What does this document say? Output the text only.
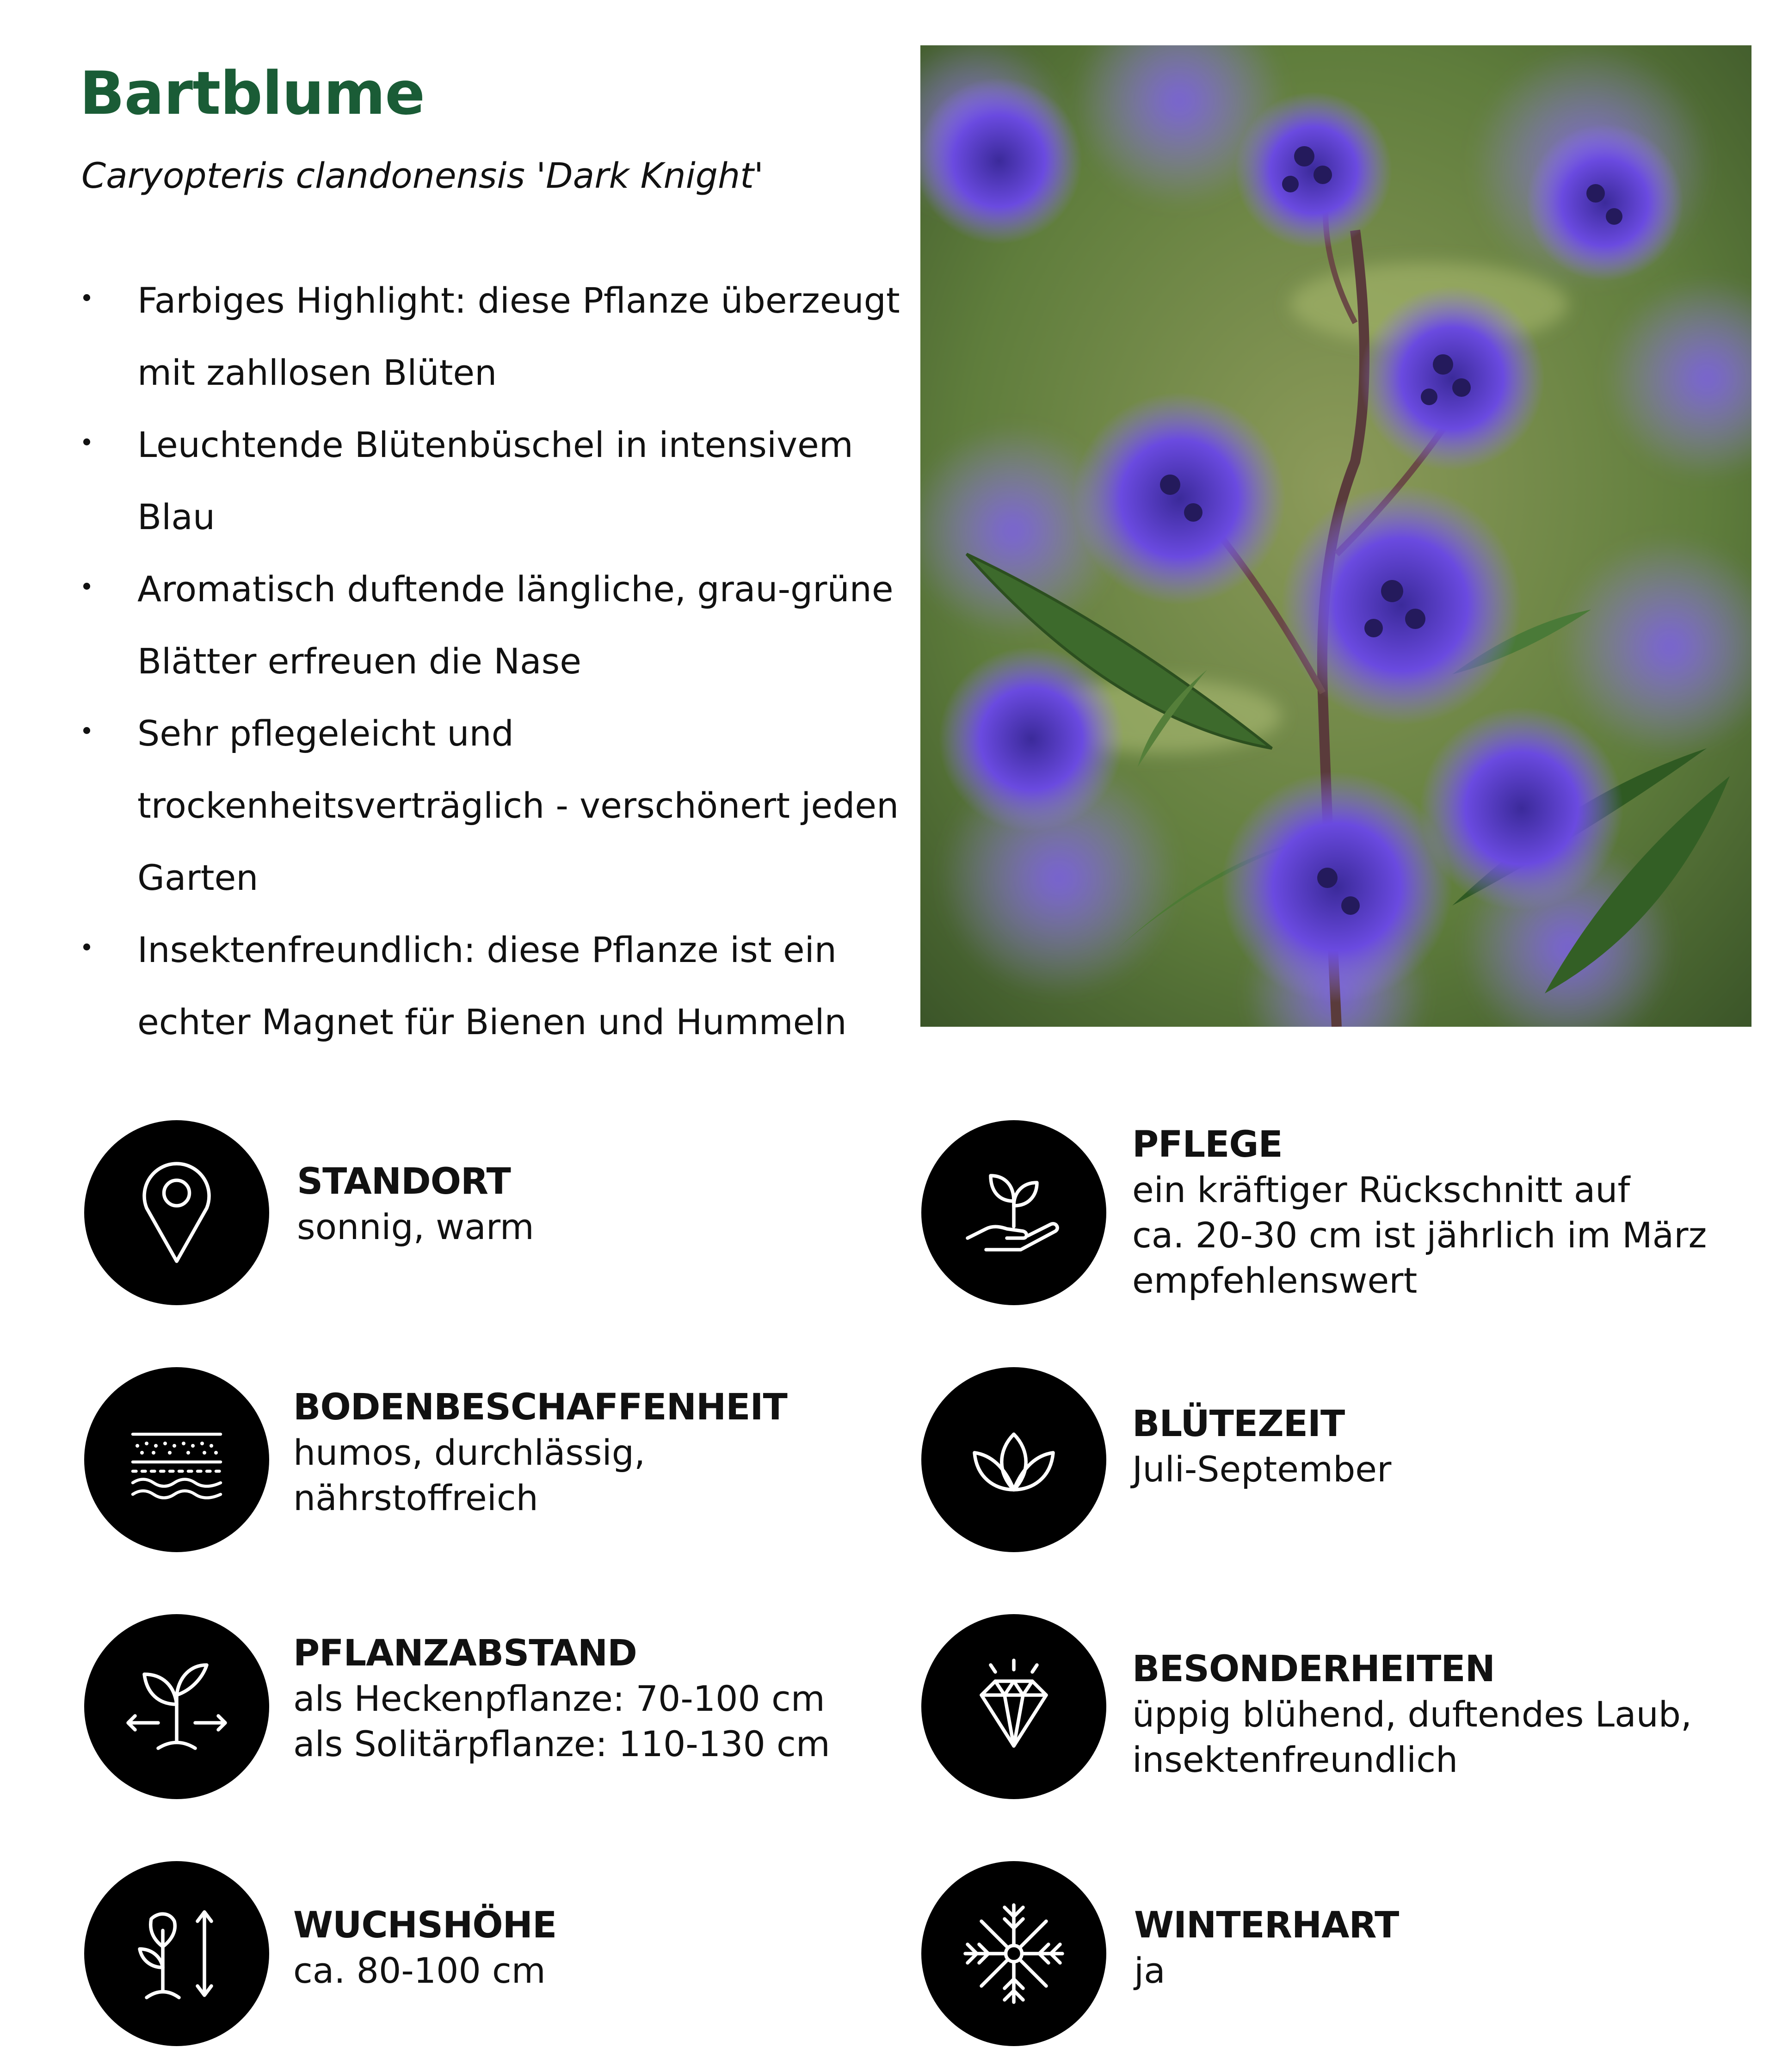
Bartblume
Caryopteris clandonensis 'Dark Knight'
Farbiges Highlight: diese Pflanze überzeugt mit zahllosen Blüten
Leuchtende Blütenbüschel in intensivem Blau
Aromatisch duftende längliche, grau-grüne Blätter erfreuen die Nase
Sehr pflegeleicht und trockenheitsverträglich - verschönert jeden Garten
Insektenfreundlich: diese Pflanze ist ein echter Magnet für Bienen und Hummeln
STANDORT
sonnig, warm
PFLEGE
ein kräftiger Rückschnitt auf
ca. 20-30 cm ist jährlich im März
empfehlenswert
BODENBESCHAFFENHEIT
humos, durchlässig,
nährstoffreich
BLÜTEZEIT
Juli-September
PFLANZABSTAND
als Heckenpflanze: 70-100 cm
als Solitärpflanze: 110-130 cm
BESONDERHEITEN
üppig blühend, duftendes Laub,
insektenfreundlich
WUCHSHÖHE
ca. 80-100 cm
WINTERHART
ja
